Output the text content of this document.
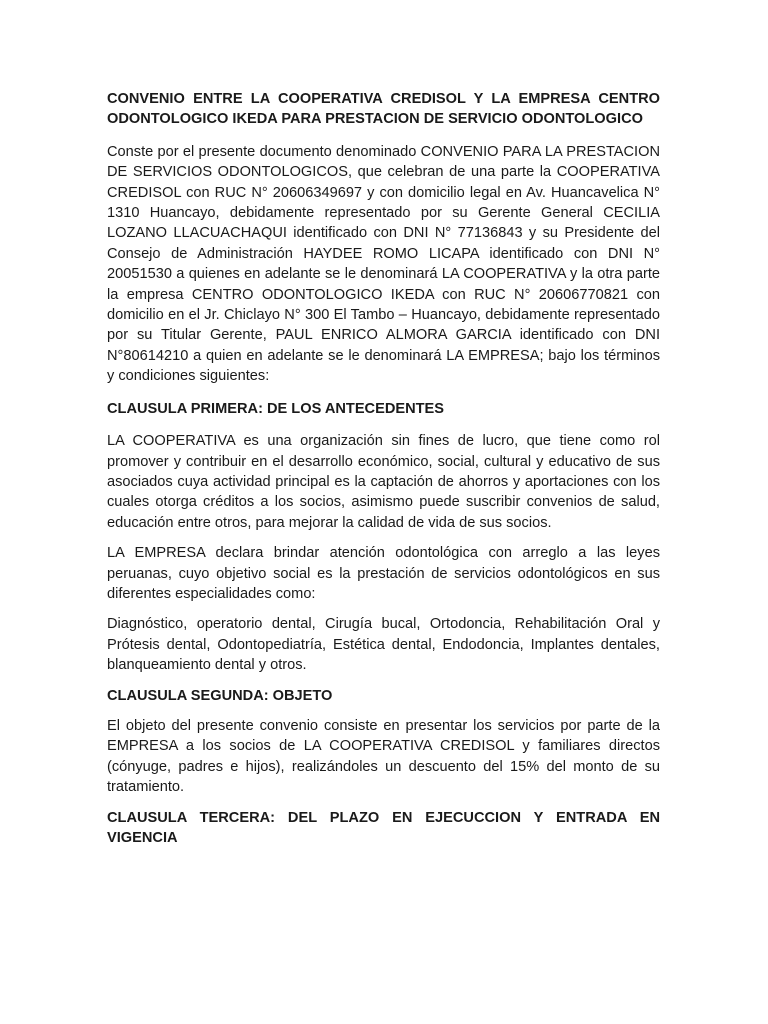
CONVENIO ENTRE LA COOPERATIVA CREDISOL Y LA EMPRESA CENTRO ODONTOLOGICO IKEDA PARA PRESTACION DE SERVICIO ODONTOLOGICO

Conste por el presente documento denominado CONVENIO PARA LA PRESTACION DE SERVICIOS ODONTOLOGICOS, que celebran de una parte la COOPERATIVA CREDISOL con RUC N° 20606349697 y con domicilio legal en Av. Huancavelica N° 1310 Huancayo, debidamente representado por su Gerente General CECILIA LOZANO LLACUACHAQUI identificado con DNI N° 77136843 y su Presidente del Consejo de Administración HAYDEE ROMO LICAPA identificado con DNI N° 20051530 a quienes en adelante se le denominará LA COOPERATIVA y la otra parte la empresa CENTRO ODONTOLOGICO IKEDA con RUC N° 20606770821 con domicilio en el Jr. Chiclayo N° 300 El Tambo – Huancayo, debidamente representado por su Titular Gerente, PAUL ENRICO ALMORA GARCIA identificado con DNI N°80614210 a quien en adelante se le denominará LA EMPRESA; bajo los términos y condiciones siguientes:

CLAUSULA PRIMERA: DE LOS ANTECEDENTES

LA COOPERATIVA es una organización sin fines de lucro, que tiene como rol promover y contribuir en el desarrollo económico, social, cultural y educativo de sus asociados cuya actividad principal es la captación de ahorros y aportaciones con los cuales otorga créditos a los socios, asimismo puede suscribir convenios de salud, educación entre otros, para mejorar la calidad de vida de sus socios.

LA EMPRESA declara brindar atención odontológica con arreglo a las leyes peruanas, cuyo objetivo social es la prestación de servicios odontológicos en sus diferentes especialidades como:

Diagnóstico, operatorio dental, Cirugía bucal, Ortodoncia, Rehabilitación Oral y Prótesis dental, Odontopediatría, Estética dental, Endodoncia, Implantes dentales, blanqueamiento dental y otros.

CLAUSULA SEGUNDA: OBJETO

El objeto del presente convenio consiste en presentar los servicios por parte de la EMPRESA a los socios de LA COOPERATIVA CREDISOL y familiares directos (cónyuge, padres e hijos), realizándoles un descuento del 15% del monto de su tratamiento.

CLAUSULA TERCERA: DEL PLAZO EN EJECUCCION Y ENTRADA EN VIGENCIA
